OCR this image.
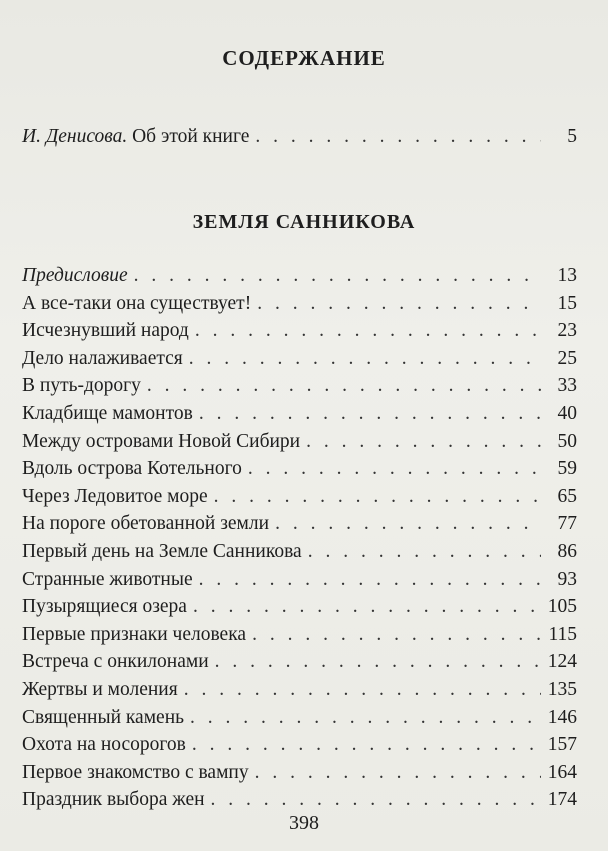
СОДЕРЖАНИЕ
И. Денисова. Об этой книге . . .	5
ЗЕМЛЯ САННИКОВА
Предисловие . . .	13
А все-таки она существует! . . .	15
Исчезнувший народ . . .	23
Дело налаживается . . .	25
В путь-дорогу . . .	33
Кладбище мамонтов . . .	40
Между островами Новой Сибири . . .	50
Вдоль острова Котельного . . .	59
Через Ледовитое море . . .	65
На пороге обетованной земли . . .	77
Первый день на Земле Санникова . . .	86
Странные животные . . .	93
Пузырящиеся озера . . .	105
Первые признаки человека . . .	115
Встреча с онкилонами . . .	124
Жертвы и моления . . .	135
Священный камень . . .	146
Охота на носорогов . . .	157
Первое знакомство с вампу . . .	164
Праздник выбора жен . . .	174
398
